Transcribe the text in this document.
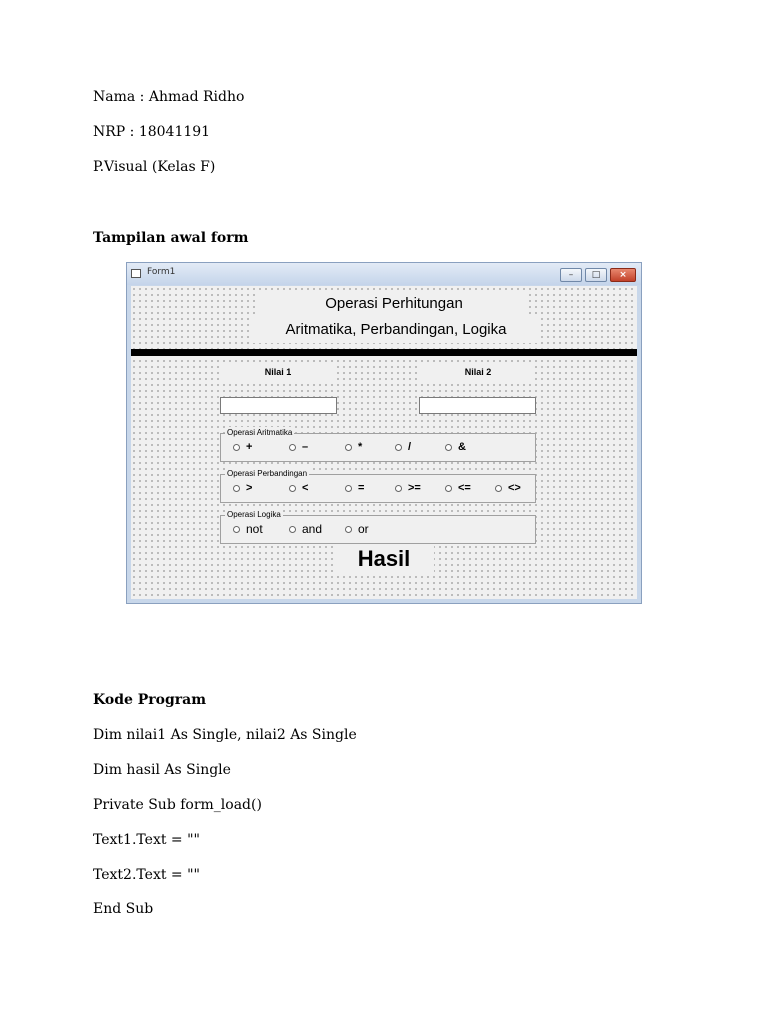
Nama : Ahmad Ridho
NRP : 18041191
P.Visual (Kelas F)
Tampilan awal form
Form1	–	□	×
Operasi Perhitungan
Aritmatika, Perbandingan, Logika
Nilai 1	Nilai 2
Operasi Aritmatika
+	–	*	/	&
Operasi Perbandingan
>	<	=	>=	<=	<>
Operasi Logika
not	and	or
Hasil
Kode Program
Dim nilai1 As Single, nilai2 As Single
Dim hasil As Single
Private Sub form_load()
Text1.Text = ""
Text2.Text = ""
End Sub
